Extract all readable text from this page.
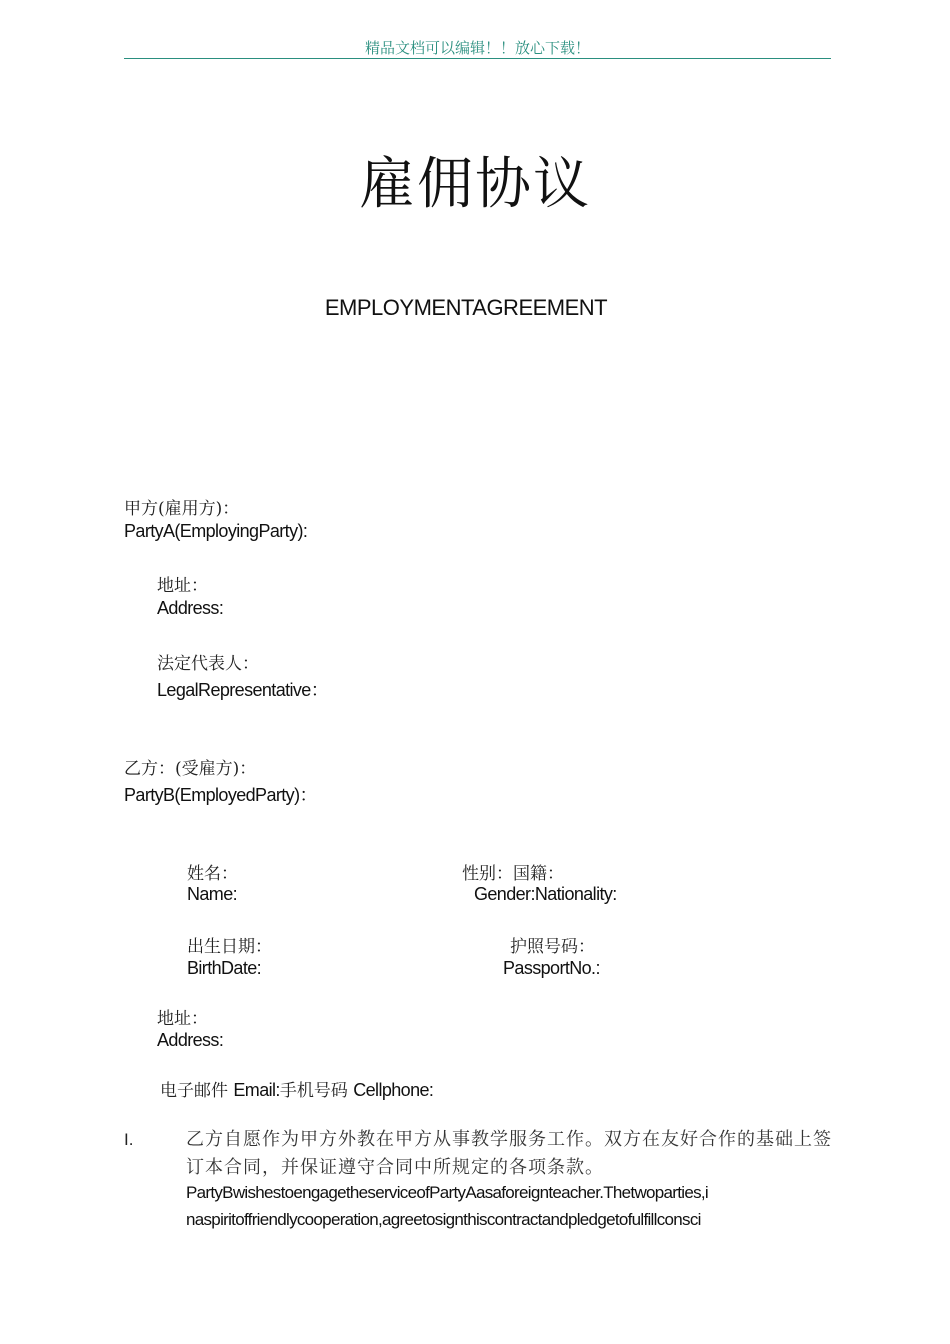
精品文档可以编辑！！放心下载！
雇佣协议
EMPLOYMENTAGREEMENT
甲方(雇用方)：
PartyA(EmployingParty):
地址：
Address:
法定代表人：
LegalRepresentative：
乙方：(受雇方)：
PartyB(EmployedParty)：
姓名：
Name:
性别：国籍：
Gender:Nationality:
出生日期：
BirthDate:
护照号码：
PassportNo.:
地址：
Address:
电子邮件 Email:手机号码 Cellphone:
I.	乙方自愿作为甲方外教在甲方从事教学服务工作。双方在友好合作的基础上签订本合同，并保证遵守合同中所规定的各项条款。
PartyBwishestoengagetheserviceofPartyAasaforeignteacher.Thetwoparties,i
naspiritoffriendlycooperation,agreetosignthiscontractandpledgetofulfillconsci
